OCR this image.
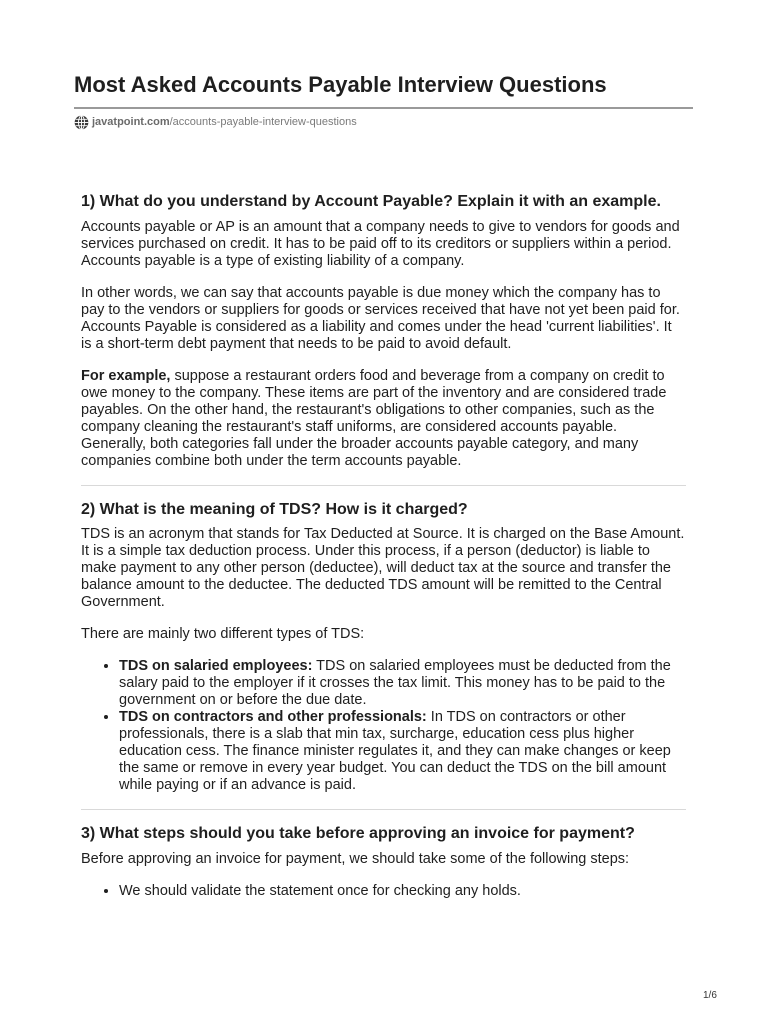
Most Asked Accounts Payable Interview Questions
javatpoint.com /accounts-payable-interview-questions
1) What do you understand by Account Payable? Explain it with an example.

Accounts payable or AP is an amount that a company needs to give to vendors for goods and services purchased on credit. It has to be paid off to its creditors or suppliers within a period. Accounts payable is a type of existing liability of a company.

In other words, we can say that accounts payable is due money which the company has to pay to the vendors or suppliers for goods or services received that have not yet been paid for. Accounts Payable is considered as a liability and comes under the head 'current liabilities'. It is a short-term debt payment that needs to be paid to avoid default.

For example, suppose a restaurant orders food and beverage from a company on credit to owe money to the company. These items are part of the inventory and are considered trade payables. On the other hand, the restaurant's obligations to other companies, such as the company cleaning the restaurant's staff uniforms, are considered accounts payable. Generally, both categories fall under the broader accounts payable category, and many companies combine both under the term accounts payable.

2) What is the meaning of TDS? How is it charged?

TDS is an acronym that stands for Tax Deducted at Source. It is charged on the Base Amount. It is a simple tax deduction process. Under this process, if a person (deductor) is liable to make payment to any other person (deductee), will deduct tax at the source and transfer the balance amount to the deductee. The deducted TDS amount will be remitted to the Central Government.

There are mainly two different types of TDS:

• TDS on salaried employees: TDS on salaried employees must be deducted from the salary paid to the employer if it crosses the tax limit. This money has to be paid to the government on or before the due date.
• TDS on contractors and other professionals: In TDS on contractors or other professionals, there is a slab that min tax, surcharge, education cess plus higher education cess. The finance minister regulates it, and they can make changes or keep the same or remove in every year budget. You can deduct the TDS on the bill amount while paying or if an advance is paid.
3) What steps should you take before approving an invoice for payment?

Before approving an invoice for payment, we should take some of the following steps:

• We should validate the statement once for checking any holds.
1/6
